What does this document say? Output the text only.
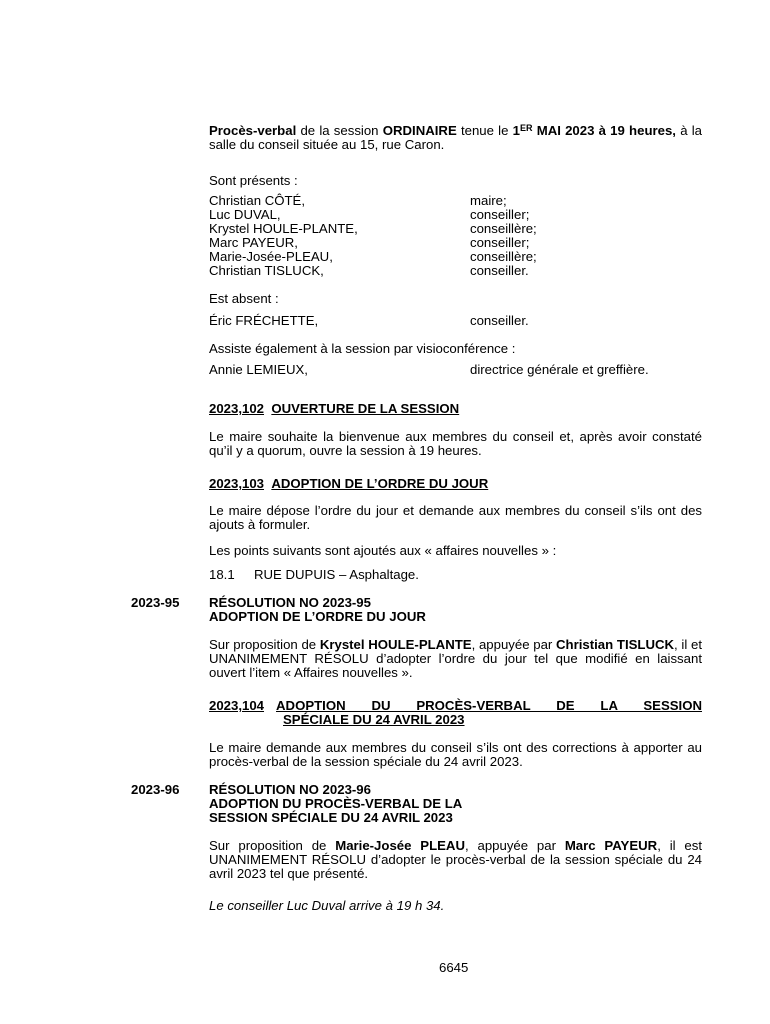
Procès-verbal de la session ORDINAIRE tenue le 1ER MAI 2023 à 19 heures, à la salle du conseil située au 15, rue Caron.
Sont présents :
Christian CÔTÉ,	maire;
Luc DUVAL,	conseiller;
Krystel HOULE-PLANTE,	conseillère;
Marc PAYEUR,	conseiller;
Marie-Josée-PLEAU,	conseillère;
Christian TISLUCK,	conseiller.
Est absent :
Éric FRÉCHETTE,	conseiller.
Assiste également à la session par visioconférence :
Annie LEMIEUX,	directrice générale et greffière.
2023,102 OUVERTURE DE LA SESSION
Le maire souhaite la bienvenue aux membres du conseil et, après avoir constaté qu’il y a quorum, ouvre la session à 19 heures.
2023,103 ADOPTION DE L’ORDRE DU JOUR
Le maire dépose l’ordre du jour et demande aux membres du conseil s’ils ont des ajouts à formuler.
Les points suivants sont ajoutés aux « affaires nouvelles » :
18.1 RUE DUPUIS – Asphaltage.
2023-95 RÉSOLUTION NO 2023-95
ADOPTION DE L’ORDRE DU JOUR
Sur proposition de Krystel HOULE-PLANTE, appuyée par Christian TISLUCK, il et UNANIMEMENT RÉSOLU d’adopter l’ordre du jour tel que modifié en laissant ouvert l’item « Affaires nouvelles ».
2023,104 ADOPTION DU PROCÈS-VERBAL DE LA SESSION
SPÉCIALE DU 24 AVRIL 2023
Le maire demande aux membres du conseil s’ils ont des corrections à apporter au procès-verbal de la session spéciale du 24 avril 2023.
2023-96 RÉSOLUTION NO 2023-96
ADOPTION DU PROCÈS-VERBAL DE LA
SESSION SPÉCIALE DU 24 AVRIL 2023
Sur proposition de Marie-Josée PLEAU, appuyée par Marc PAYEUR, il est UNANIMEMENT RÉSOLU d’adopter le procès-verbal de la session spéciale du 24 avril 2023 tel que présenté.
Le conseiller Luc Duval arrive à 19 h 34.
6645
